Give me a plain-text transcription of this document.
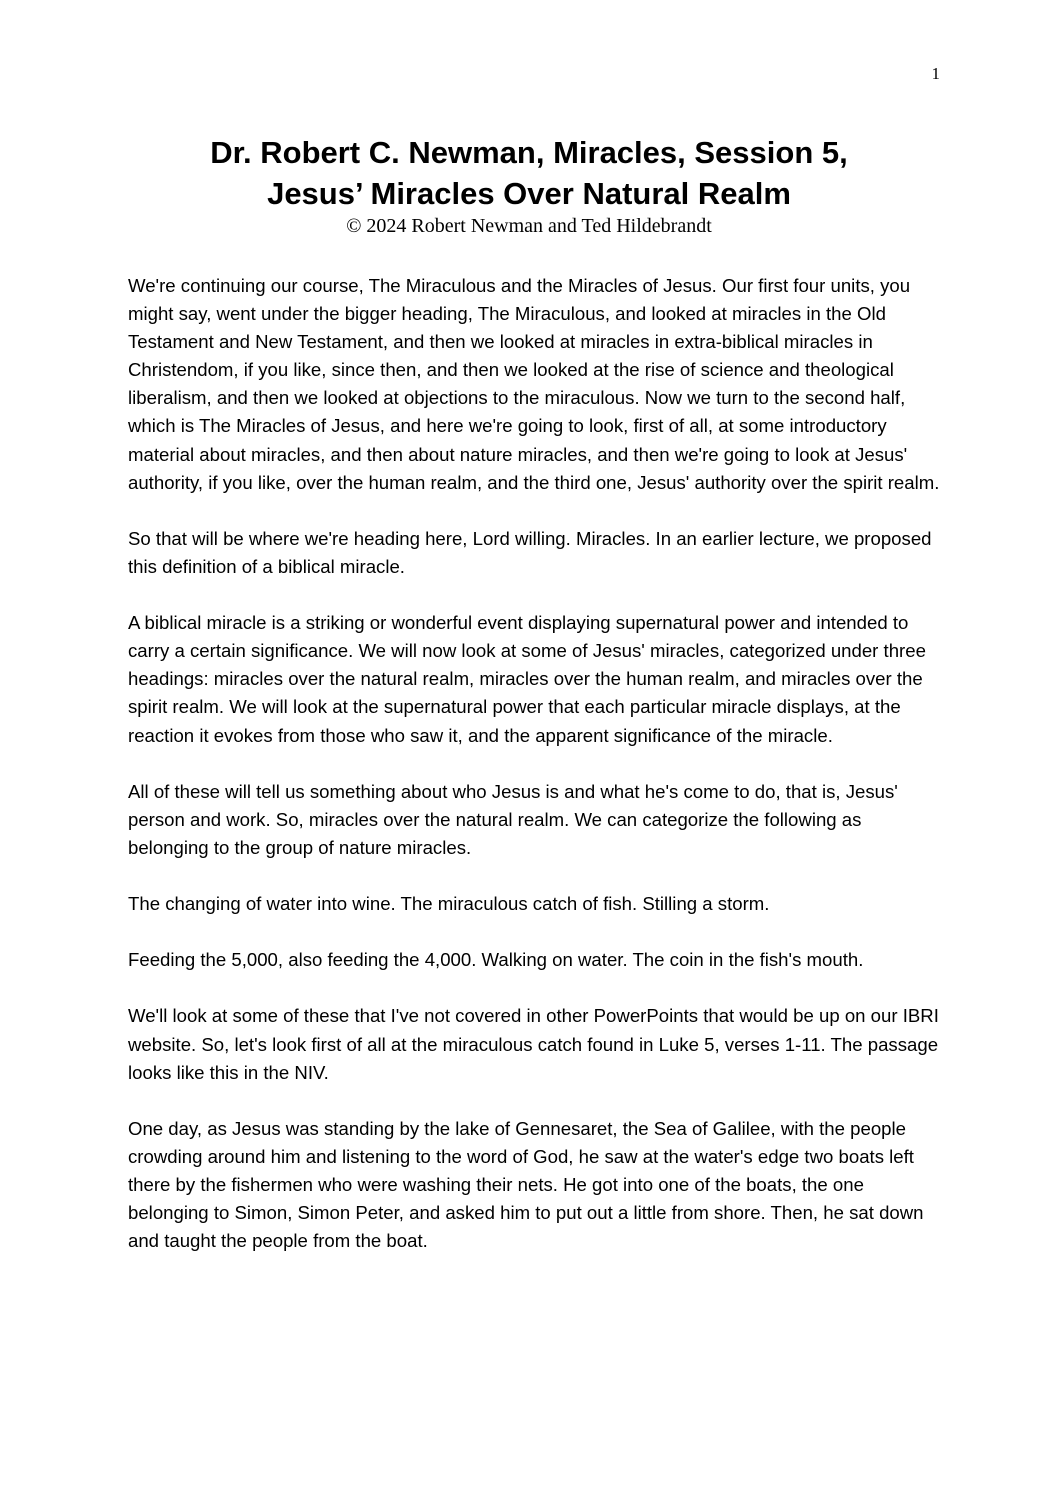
1
Dr. Robert C. Newman, Miracles, Session 5,
Jesus’ Miracles Over Natural Realm

© 2024 Robert Newman and Ted Hildebrandt

We're continuing our course, The Miraculous and the Miracles of Jesus. Our first four units, you might say, went under the bigger heading, The Miraculous, and looked at miracles in the Old Testament and New Testament, and then we looked at miracles in extra-biblical miracles in Christendom, if you like, since then, and then we looked at the rise of science and theological liberalism, and then we looked at objections to the miraculous. Now we turn to the second half, which is The Miracles of Jesus, and here we're going to look, first of all, at some introductory material about miracles, and then about nature miracles, and then we're going to look at Jesus' authority, if you like, over the human realm, and the third one, Jesus' authority over the spirit realm.

So that will be where we're heading here, Lord willing. Miracles. In an earlier lecture, we proposed this definition of a biblical miracle.

A biblical miracle is a striking or wonderful event displaying supernatural power and intended to carry a certain significance. We will now look at some of Jesus' miracles, categorized under three headings: miracles over the natural realm, miracles over the human realm, and miracles over the spirit realm. We will look at the supernatural power that each particular miracle displays, at the reaction it evokes from those who saw it, and the apparent significance of the miracle.

All of these will tell us something about who Jesus is and what he's come to do, that is, Jesus' person and work. So, miracles over the natural realm. We can categorize the following as belonging to the group of nature miracles.

The changing of water into wine. The miraculous catch of fish. Stilling a storm.

Feeding the 5,000, also feeding the 4,000. Walking on water. The coin in the fish's mouth.

We'll look at some of these that I've not covered in other PowerPoints that would be up on our IBRI website. So, let's look first of all at the miraculous catch found in Luke 5, verses 1-11. The passage looks like this in the NIV.

One day, as Jesus was standing by the lake of Gennesaret, the Sea of Galilee, with the people crowding around him and listening to the word of God, he saw at the water's edge two boats left there by the fishermen who were washing their nets. He got into one of the boats, the one belonging to Simon, Simon Peter, and asked him to put out a little from shore. Then, he sat down and taught the people from the boat.
